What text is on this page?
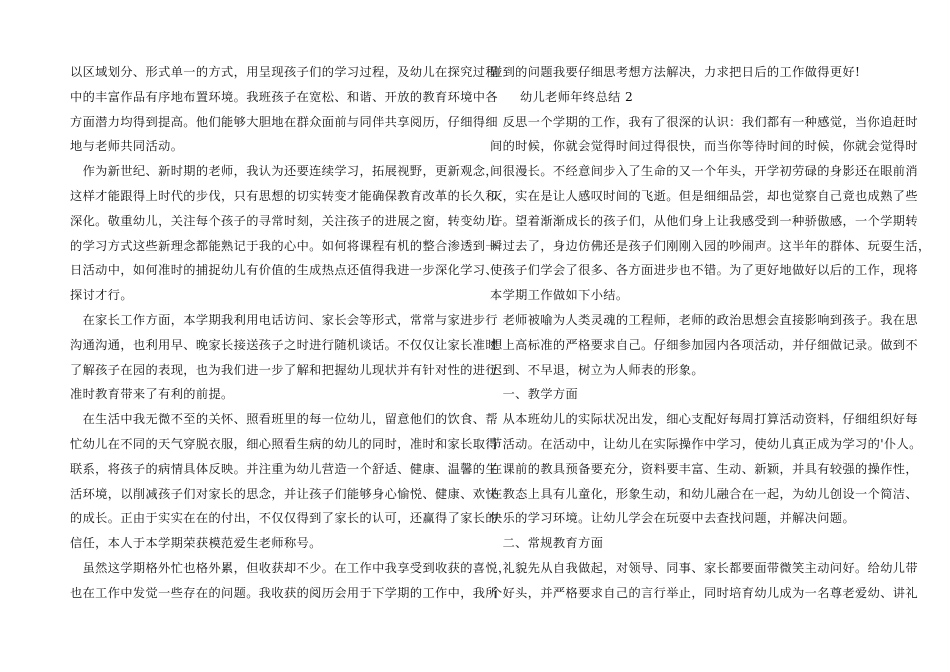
以区域划分、形式单一的方式，用呈现孩子们的学习过程，及幼儿在探究过程
中的丰富作品有序地布置环境。我班孩子在宽松、和谐、开放的教育环境中各
方面潜力均得到提高。他们能够大胆地在群众面前与同伴共享阅历，仔细得细
地与老师共同活动。
　作为新世纪、新时期的老师，我认为还要连续学习，拓展视野，更新观念，
这样才能跟得上时代的步伐，只有思想的切实转变才能确保教育改革的长久和
深化。敬重幼儿，关注每个孩子的寻常时刻，关注孩子的进展之窗，转变幼儿
的学习方式这些新理念都能熟记于我的心中。如何将课程有机的整合渗透到一
日活动中，如何准时的捕捉幼儿有价值的生成热点还值得我进一步深化学习、
探讨才行。
　在家长工作方面，本学期我利用电话访问、家长会等形式，常常与家进步行
沟通沟通，也利用早、晚家长接送孩子之时进行随机谈话。不仅仅让家长准时
了解孩子在园的表现，也为我们进一步了解和把握幼儿现状并有针对性的进行
准时教育带来了有利的前提。
　在生活中我无微不至的关怀、照看班里的每一位幼儿，留意他们的饮食、帮
忙幼儿在不同的天气穿脱衣服，细心照看生病的幼儿的同时，准时和家长取得
联系，将孩子的病情具体反映。并注重为幼儿营造一个舒适、健康、温馨的生
活环境，以削减孩子们对家长的思念，并让孩子们能够身心愉悦、健康、欢快
的成长。正由于实实在在的付出，不仅仅得到了家长的认可，还赢得了家长的
信任，本人于本学期荣获模范爱生老师称号。
　虽然这学期格外忙也格外累，但收获却不少。在工作中我享受到收获的喜悦，
也在工作中发觉一些存在的问题。我收获的阅历会用于下学期的工作中，我所
碰到的问题我要仔细思考想方法解决，力求把日后的工作做得更好!
幼儿老师年终总结 2
　反思一个学期的工作，我有了很深的认识：我们都有一种感觉，当你追赶时
间的时候，你就会觉得时间过得很快，而当你等待时间的时候，你就会觉得时
间很漫长。不经意间步入了生命的又一个年头，开学初劳碌的身影还在眼前消
灭，实在是让人感叹时间的飞逝。但是细细品尝，却也觉察自己竟也成熟了些
许。望着渐渐成长的孩子们，从他们身上让我感受到一种骄傲感，一个学期转
瞬过去了，身边仿佛还是孩子们刚刚入园的吵闹声。这半年的群体、玩耍生活，
使孩子们学会了很多、各方面进步也不错。为了更好地做好以后的工作，现将
本学期工作做如下小结。
　老师被喻为人类灵魂的工程师，老师的政治思想会直接影响到孩子。我在思
想上高标准的严格要求自己。仔细参加园内各项活动，并仔细做记录。做到不
迟到、不早退，树立为人师表的形象。
　一、教学方面
　从本班幼儿的实际状况出发，细心支配好每周打算活动资料，仔细组织好每
节活动。在活动中，让幼儿在实际操作中学习，使幼儿真正成为学习的'仆人。
在课前的教具预备要充分，资料要丰富、生动、新颖，并具有较强的操作性，
在教态上具有儿童化，形象生动，和幼儿融合在一起，为幼儿创设一个简洁、
快乐的学习环境。让幼儿学会在玩耍中去查找问题，并解决问题。
　二、常规教育方面
　礼貌先从自我做起，对领导、同事、家长都要面带微笑主动问好。给幼儿带
个好头，并严格要求自己的言行举止，同时培育幼儿成为一名尊老爱幼、讲礼
